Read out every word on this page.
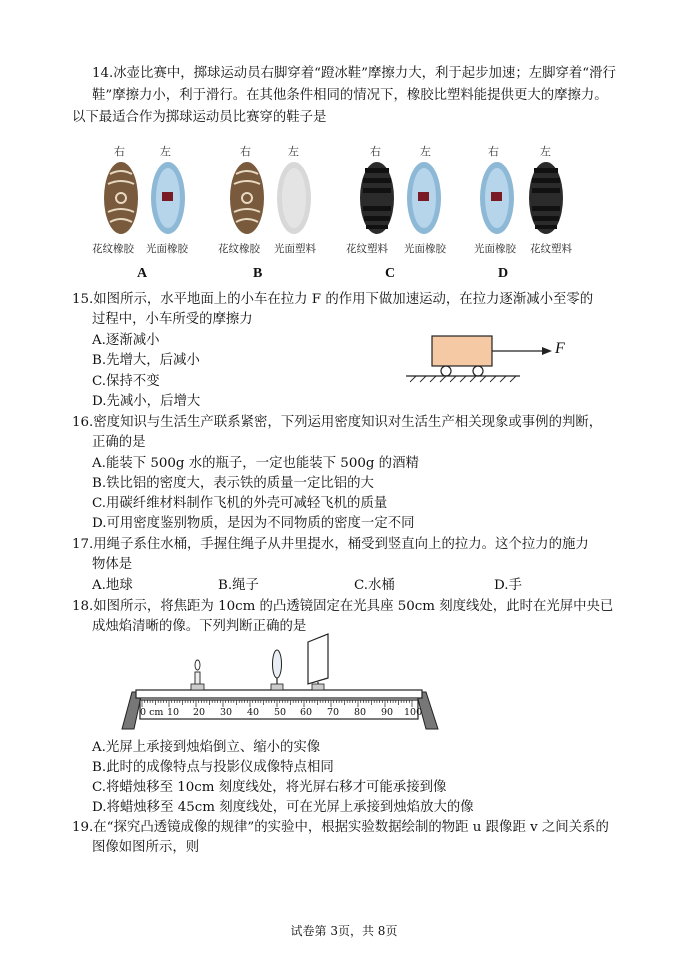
14.冰壶比赛中，掷球运动员右脚穿着“蹬冰鞋”摩擦力大，利于起步加速；左脚穿着“滑行
鞋”摩擦力小，利于滑行。在其他条件相同的情况下，橡胶比塑料能提供更大的摩擦力。
以下最适合作为掷球运动员比赛穿的鞋子是
右	左
花纹橡胶 光面橡胶
A
右	左
花纹橡胶 光面塑料
B
右	左
花纹塑料 光面橡胶
C
右	左
光面橡胶 花纹塑料
D
15.如图所示，水平地面上的小车在拉力 F 的作用下做加速运动，在拉力逐渐减小至零的
过程中，小车所受的摩擦力
A.逐渐减小
B.先增大，后减小
C.保持不变
D.先减小，后增大
F
16.密度知识与生活生产联系紧密，下列运用密度知识对生活生产相关现象或事例的判断，
正确的是
A.能装下 500g 水的瓶子，一定也能装下 500g 的酒精
B.铁比铝的密度大，表示铁的质量一定比铝的大
C.用碳纤维材料制作飞机的外壳可减轻飞机的质量
D.可用密度鉴别物质，是因为不同物质的密度一定不同
17.用绳子系住水桶，手握住绳子从井里提水，桶受到竖直向上的拉力。这个拉力的施力
物体是
A.地球	B.绳子	C.水桶	D.手
18.如图所示，将焦距为 10cm 的凸透镜固定在光具座 50cm 刻度线处，此时在光屏中央已
成烛焰清晰的像。下列判断正确的是
0 cm 10 20 30 40 50 60 70 80 90 100
A.光屏上承接到烛焰倒立、缩小的实像
B.此时的成像特点与投影仪成像特点相同
C.将蜡烛移至 10cm 刻度线处，将光屏右移才可能承接到像
D.将蜡烛移至 45cm 刻度线处，可在光屏上承接到烛焰放大的像
19.在“探究凸透镜成像的规律”的实验中，根据实验数据绘制的物距 u 跟像距 v 之间关系的
图像如图所示，则
试卷第 3页，共 8页
